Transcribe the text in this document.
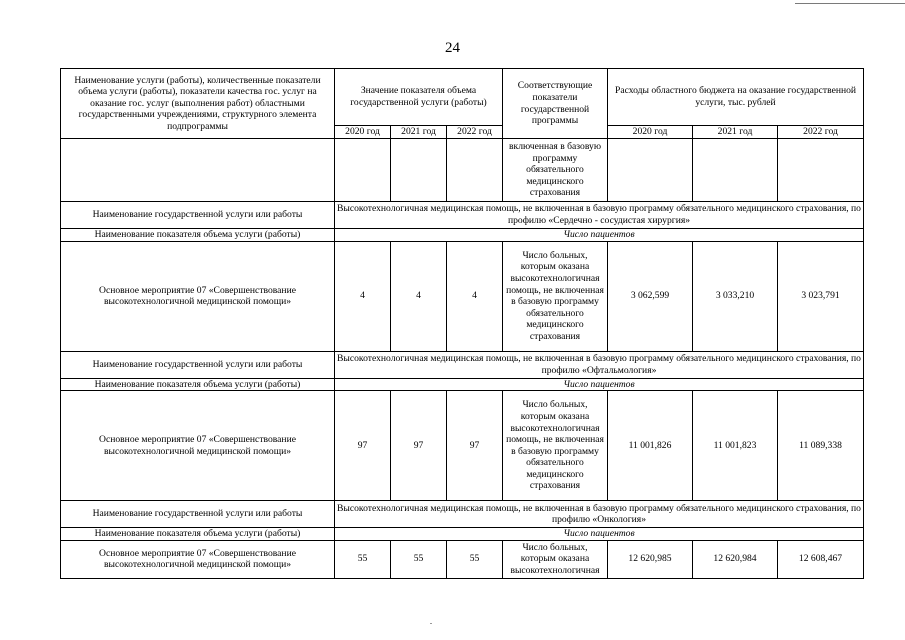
24
Наименование услуги (работы), количественные показатели объема услуги (работы), показатели качества гос. услуг на оказание гос. услуг (выполнения работ) областными государственными учреждениями, структурного элемента подпрограммы	Значение показателя объема государственной услуги (работы)			Соответствующие показатели государственной программы	Расходы областного бюджета на оказание государственной услуги, тыс. рублей		
	2020 год	2021 год	2022 год		2020 год	2021 год	2022 год
				включенная в базовую программу обязательного медицинского страхования			
Наименование государственной услуги или работы	Высокотехнологичная медицинская помощь, не включенная в базовую программу обязательного медицинского страхования, по профилю «Сердечно - сосудистая хирургия»						
Наименование показателя объема услуги (работы)	Число пациентов						
Основное мероприятие 07 «Совершенствование высокотехнологичной медицинской помощи»	4	4	4	Число больных, которым оказана высокотехнологичная помощь, не включенная в базовую программу обязательного медицинского страхования	3 062,599	3 033,210	3 023,791
Наименование государственной услуги или работы	Высокотехнологичная медицинская помощь, не включенная в базовую программу обязательного медицинского страхования, по профилю «Офтальмология»						
Наименование показателя объема услуги (работы)	Число пациентов						
Основное мероприятие 07 «Совершенствование высокотехнологичной медицинской помощи»	97	97	97	Число больных, которым оказана высокотехнологичная помощь, не включенная в базовую программу обязательного медицинского страхования	11 001,826	11 001,823	11 089,338
Наименование государственной услуги или работы	Высокотехнологичная медицинская помощь, не включенная в базовую программу обязательного медицинского страхования, по профилю «Онкология»						
Наименование показателя объема услуги (работы)	Число пациентов						
Основное мероприятие 07 «Совершенствование высокотехнологичной медицинской помощи»	55	55	55	Число больных, которым оказана высокотехнологичная	12 620,985	12 620,984	12 608,467
